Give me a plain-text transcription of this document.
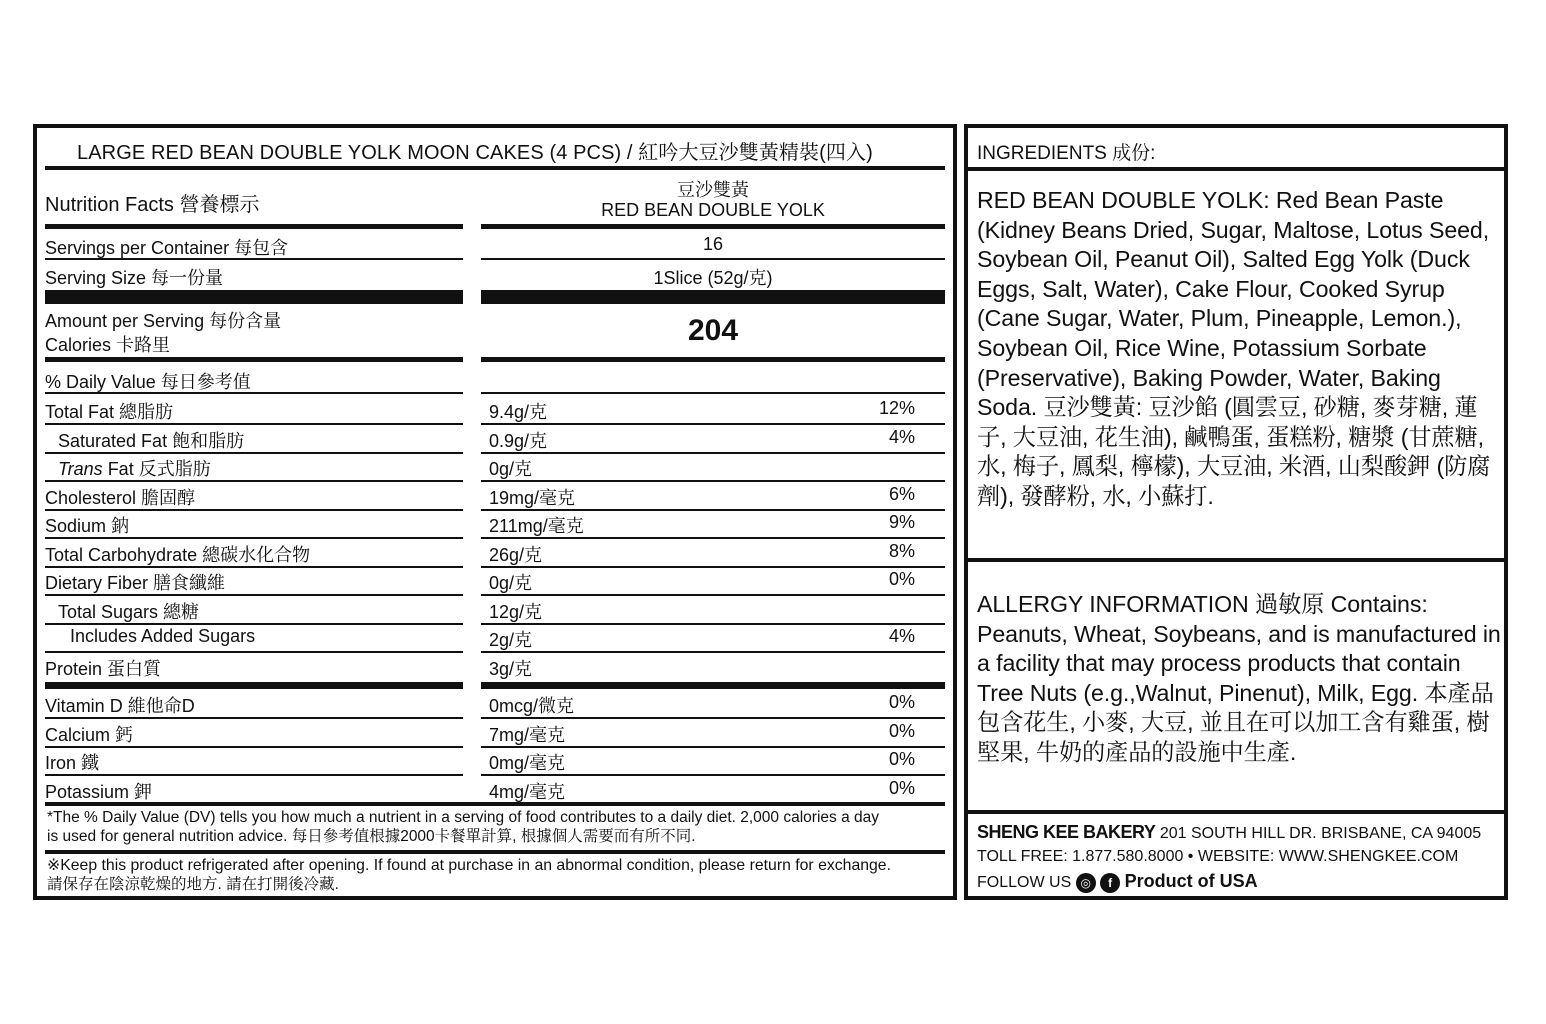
LARGE RED BEAN DOUBLE YOLK MOON CAKES (4 PCS) / 紅吟大豆沙雙黃精裝(四入)
Nutrition Facts 營養標示
豆沙雙黃
RED BEAN DOUBLE YOLK
Servings per Container 每包含	16
Serving Size 每一份量	1Slice (52g/克)
Amount per Serving 每份含量
Calories 卡路里	204
% Daily Value 每日參考值
Total Fat 總脂肪	9.4g/克	12%
Saturated Fat 飽和脂肪	0.9g/克	4%
Trans Fat 反式脂肪	0g/克
Cholesterol 膽固醇	19mg/毫克	6%
Sodium 鈉	211mg/毫克	9%
Total Carbohydrate 總碳水化合物	26g/克	8%
Dietary Fiber 膳食纖維	0g/克	0%
Total Sugars 總糖	12g/克
Includes Added Sugars	2g/克	4%
Protein 蛋白質	3g/克
Vitamin D 維他命D	0mcg/微克	0%
Calcium 鈣	7mg/毫克	0%
Iron 鐵	0mg/毫克	0%
Potassium 鉀	4mg/毫克	0%
*The % Daily Value (DV) tells you how much a nutrient in a serving of food contributes to a daily diet. 2,000 calories a day
is used for general nutrition advice. 每日參考值根據2000卡餐單計算, 根據個人需要而有所不同.
※Keep this product refrigerated after opening. If found at purchase in an abnormal condition, please return for exchange.
請保存在陰涼乾燥的地方. 請在打開後冷藏.
INGREDIENTS 成份:
RED BEAN DOUBLE YOLK: Red Bean Paste (Kidney Beans Dried, Sugar, Maltose, Lotus Seed, Soybean Oil, Peanut Oil), Salted Egg Yolk (Duck Eggs, Salt, Water), Cake Flour, Cooked Syrup (Cane Sugar, Water, Plum, Pineapple, Lemon.), Soybean Oil, Rice Wine, Potassium Sorbate (Preservative), Baking Powder, Water, Baking Soda. 豆沙雙黃: 豆沙餡 (圓雲豆, 砂糖, 麥芽糖, 蓮子, 大豆油, 花生油), 鹹鴨蛋, 蛋糕粉, 糖漿 (甘蔗糖, 水, 梅子, 鳳梨, 檸檬), 大豆油, 米酒, 山梨酸鉀 (防腐劑), 發酵粉, 水, 小蘇打.
ALLERGY INFORMATION 過敏原 Contains: Peanuts, Wheat, Soybeans, and is manufactured in a facility that may process products that contain Tree Nuts (e.g.,Walnut, Pinenut), Milk, Egg. 本產品包含花生, 小麥, 大豆, 並且在可以加工含有雞蛋, 樹堅果, 牛奶的產品的設施中生產.
SHENG KEE BAKERY 201 SOUTH HILL DR. BRISBANE, CA 94005
TOLL FREE: 1.877.580.8000 • WEBSITE: WWW.SHENGKEE.COM
FOLLOW US ◎ f Product of USA
